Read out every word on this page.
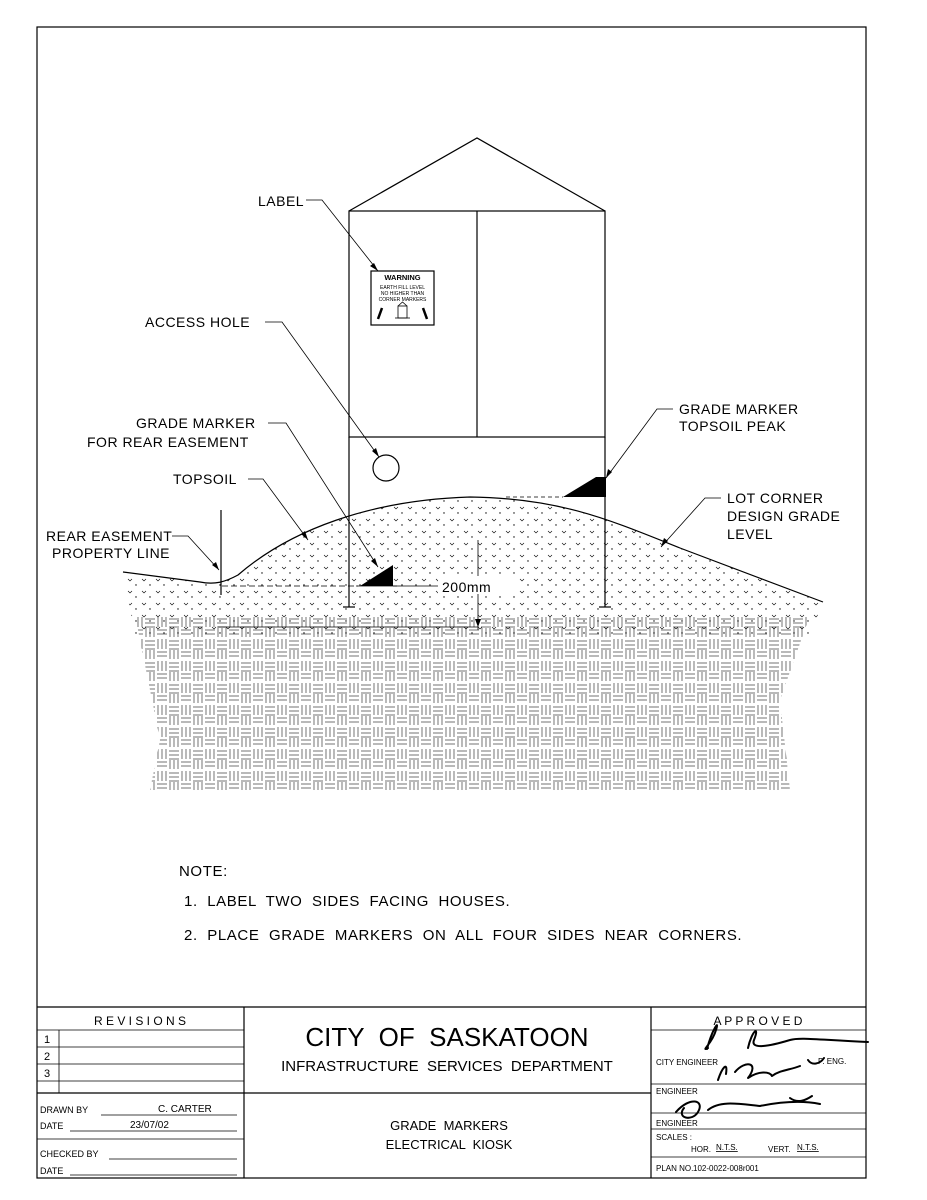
WARNING
EARTH FILL LEVEL
NO HIGHER THAN
CORNER MARKERS
200mm
LABEL
ACCESS HOLE
GRADE MARKER
FOR REAR EASEMENT
TOPSOIL
REAR EASEMENT
PROPERTY LINE
GRADE MARKER
TOPSOIL PEAK
LOT CORNER
DESIGN GRADE
LEVEL
NOTE:
1.  LABEL  TWO  SIDES  FACING  HOUSES.
2.  PLACE  GRADE  MARKERS  ON  ALL  FOUR  SIDES  NEAR  CORNERS.
R E V I S I O N S
1
2
3
DRAWN BY	C. CARTER
DATE	23/07/02
CHECKED BY
DATE
CITY  OF  SASKATOON
INFRASTRUCTURE  SERVICES  DEPARTMENT
GRADE  MARKERS
ELECTRICAL  KIOSK
A P P R O V E D
CITY ENGINEER	P. ENG.
ENGINEER
ENGINEER
SCALES :
HOR. N.T.S.	VERT. N.T.S.
PLAN NO. 102-0022-008r001
